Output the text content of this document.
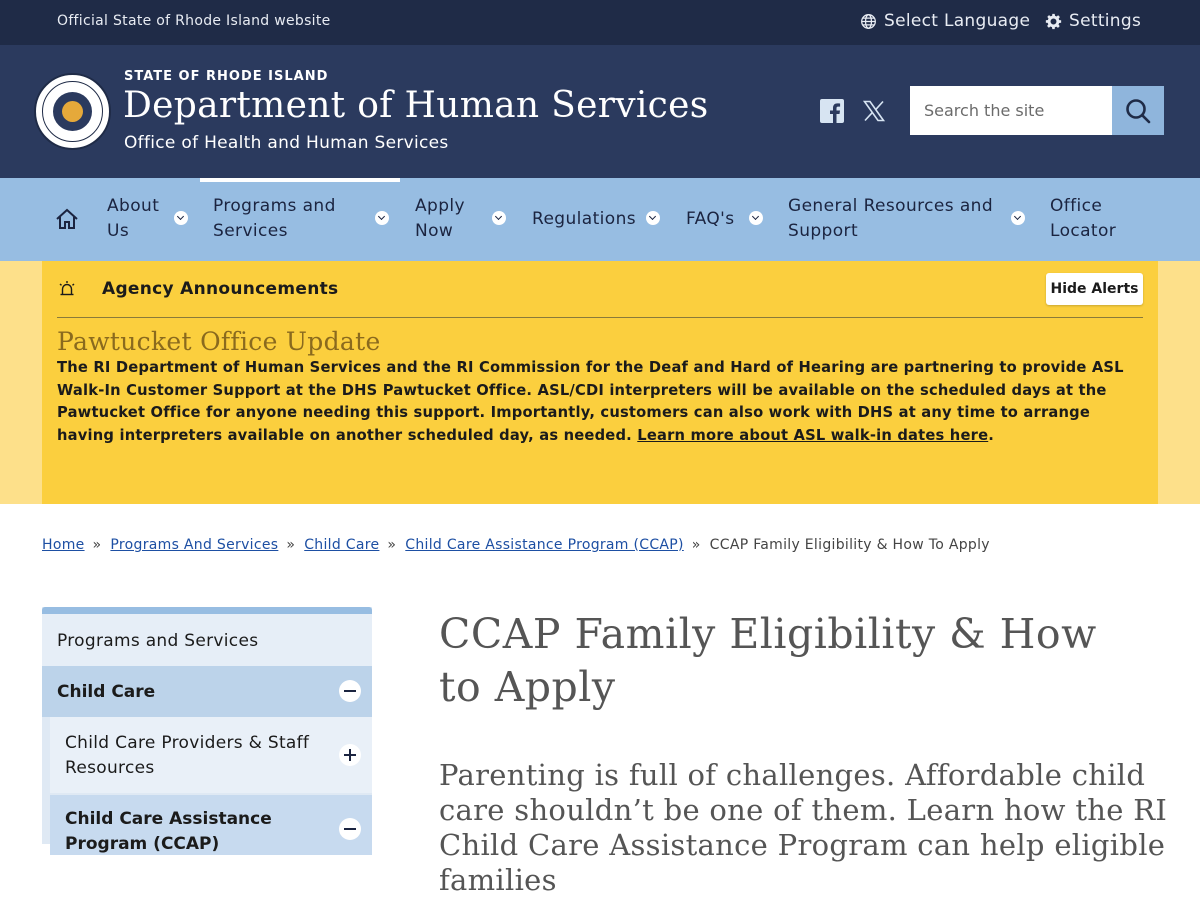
Official State of Rhode Island website	Select Language Settings
STATE OF RHODE ISLAND
Department of Human Services
Office of Health and Human Services
Search the site
About Us
Programs and Services
Apply Now
Regulations	FAQ's
General Resources and Support
Office Locator
Agency Announcements	Hide Alerts
Pawtucket Office Update
The RI Department of Human Services and the RI Commission for the Deaf and Hard of Hearing are partnering to provide ASL Walk-In Customer Support at the DHS Pawtucket Office. ASL/CDI interpreters will be available on the scheduled days at the Pawtucket Office for anyone needing this support. Importantly, customers can also work with DHS at any time to arrange having interpreters available on another scheduled day, as needed. Learn more about ASL walk-in dates here.
Home » Programs And Services » Child Care » Child Care Assistance Program (CCAP) » CCAP Family Eligibility & How To Apply
Programs and Services
Child Care
Child Care Providers & Staff Resources
Child Care Assistance Program (CCAP)
CCAP Family Eligibility & How to Apply

Parenting is full of challenges. Affordable child care shouldn’t be one of them. Learn how the RI Child Care Assistance Program can help eligible families
